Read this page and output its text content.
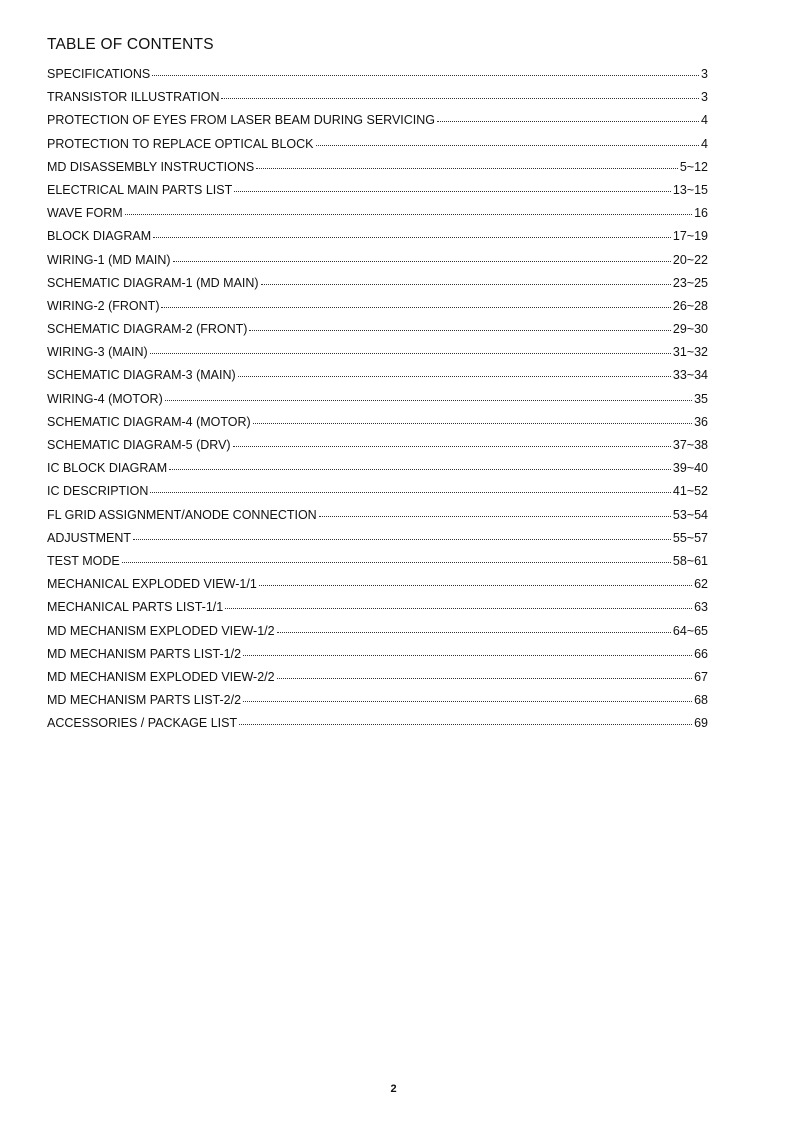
TABLE OF CONTENTS
SPECIFICATIONS	3
TRANSISTOR ILLUSTRATION	3
PROTECTION OF EYES FROM LASER BEAM DURING SERVICING	4
PROTECTION TO REPLACE OPTICAL BLOCK	4
MD DISASSEMBLY INSTRUCTIONS	5~12
ELECTRICAL MAIN PARTS LIST	13~15
WAVE FORM	16
BLOCK DIAGRAM	17~19
WIRING-1 (MD MAIN)	20~22
SCHEMATIC DIAGRAM-1 (MD MAIN)	23~25
WIRING-2 (FRONT)	26~28
SCHEMATIC DIAGRAM-2 (FRONT)	29~30
WIRING-3 (MAIN)	31~32
SCHEMATIC DIAGRAM-3 (MAIN)	33~34
WIRING-4 (MOTOR)	35
SCHEMATIC DIAGRAM-4 (MOTOR)	36
SCHEMATIC DIAGRAM-5 (DRV)	37~38
IC BLOCK DIAGRAM	39~40
IC DESCRIPTION	41~52
FL GRID ASSIGNMENT/ANODE CONNECTION	53~54
ADJUSTMENT	55~57
TEST MODE	58~61
MECHANICAL EXPLODED VIEW-1/1	62
MECHANICAL PARTS LIST-1/1	63
MD MECHANISM EXPLODED VIEW-1/2	64~65
MD MECHANISM PARTS LIST-1/2	66
MD MECHANISM EXPLODED VIEW-2/2	67
MD MECHANISM PARTS LIST-2/2	68
ACCESSORIES / PACKAGE LIST	69
2
